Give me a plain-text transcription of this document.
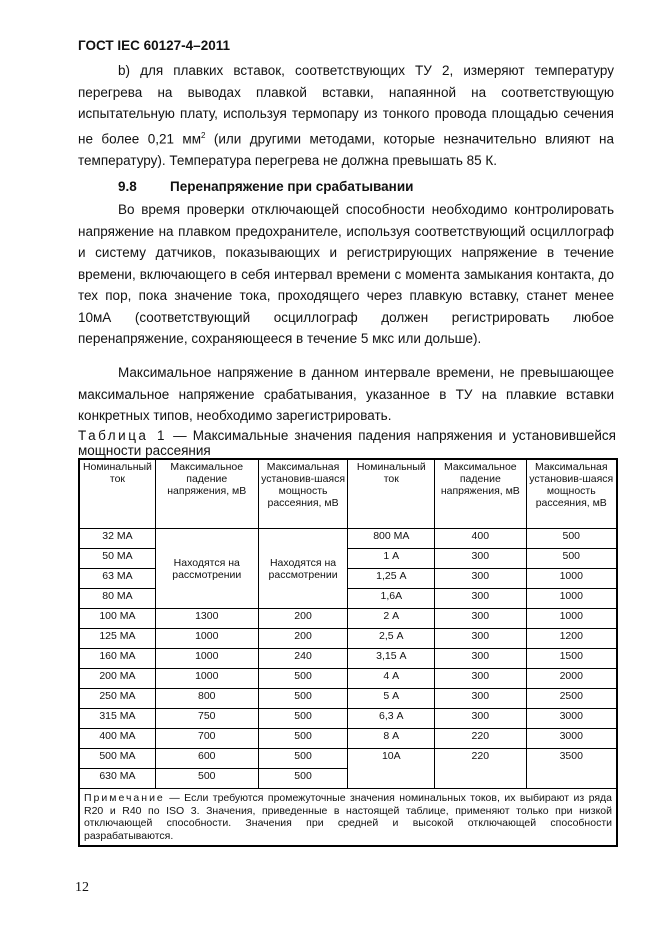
ГОСТ IEC 60127-4–2011

b) для плавких вставок, соответствующих ТУ 2, измеряют температуру перегрева на выводах плавкой вставки, напаянной на соответствующую испытательную плату, используя термопару из тонкого провода площадью сечения не более 0,21 $мм^2$ (или другими методами, которые незначительно влияют на температуру). Температура перегрева не должна превышать 85 К.

9.8 Перенапряжение при срабатывании

Во время проверки отключающей способности необходимо контролировать напряжение на плавком предохранителе, используя соответствующий осциллограф и систему датчиков, показывающих и регистрирующих напряжение в течение времени, включающего в себя интервал времени с момента замыкания контакта, до тех пор, пока значение тока, проходящего через плавкую вставку, станет менее 10мА (соответствующий осциллограф должен регистрировать любое перенапряжение, сохраняющееся в течение 5 мкс или дольше).

Максимальное напряжение в данном интервале времени, не превышающее максимальное напряжение срабатывания, указанное в ТУ на плавкие вставки конкретных типов, необходимо зарегистрировать.

Таблица 1 — Максимальные значения падения напряжения и установившейся мощности рассеяния
Номинальный ток	Максимальное падение напряжения, мВ	Максимальная установив-шаяся мощность рассеяния, мВ	Номинальный ток	Максимальное падение напряжения, мВ	Максимальная установив-шаяся мощность рассеяния, мВ
32 МА	Находятся на рассмотрении	Находятся на рассмотрении	800 МА	400	500
50 МА			1 А	300	500
63 МА			1,25 А	300	1000
80 МА			1,6А	300	1000
100 МА	1300	200	2 А	300	1000
125 МА	1000	200	2,5 А	300	1200
160 МА	1000	240	3,15 А	300	1500
200 МА	1000	500	4 А	300	2000
250 МА	800	500	5 А	300	2500
315 МА	750	500	6,3 А	300	3000
400 МА	700	500	8 А	220	3000
500 МА	600	500	10А	220	3500
630 МА	500	500			
Примечание — Если требуются промежуточные значения номинальных токов, их выбирают из ряда R20 и R40 по ISO 3. Значения, приведенные в настоящей таблице, применяют только при низкой отключающей способности. Значения при средней и высокой отключающей способности разрабатываются.					
12
